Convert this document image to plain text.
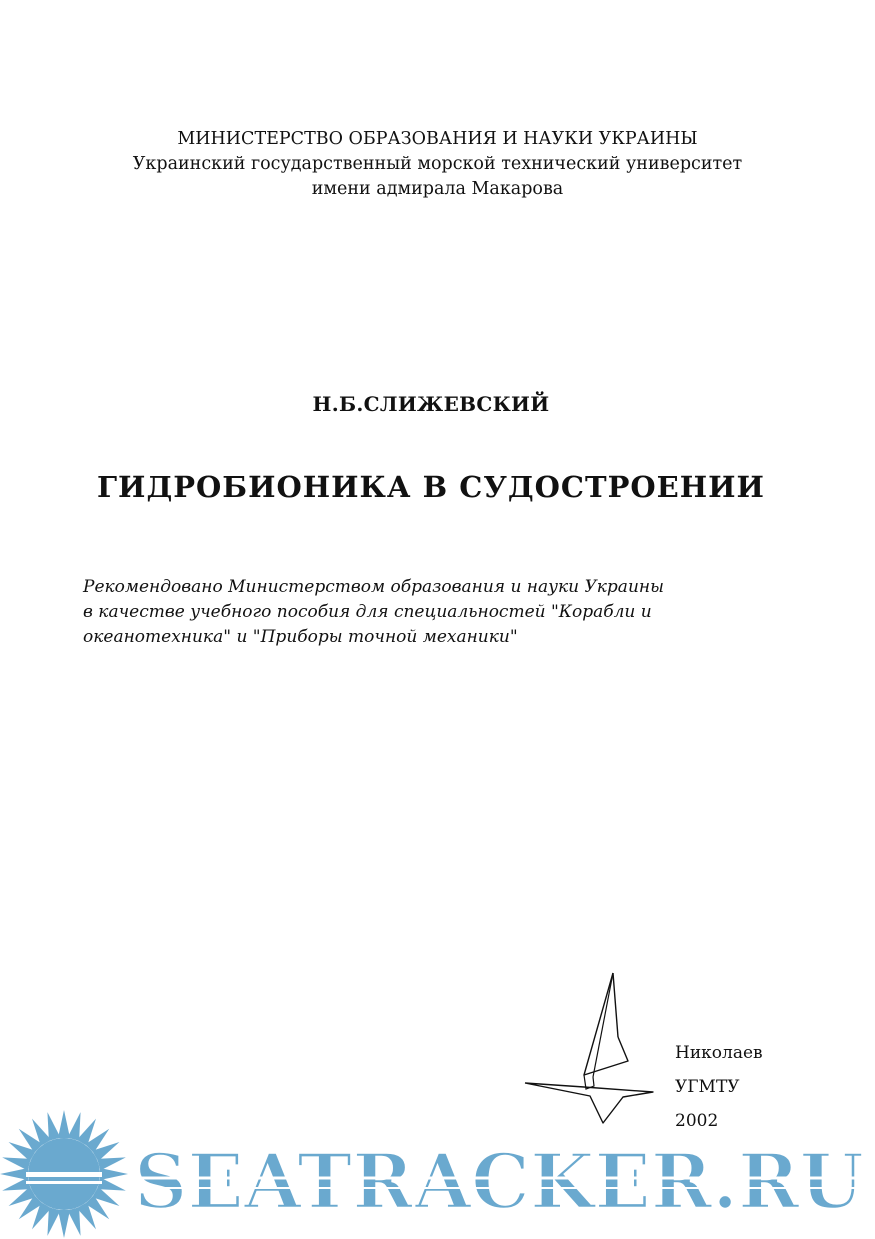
МИНИСТЕРСТВО ОБРАЗОВАНИЯ И НАУКИ УКРАИНЫ
Украинский государственный морской технический университет
имени адмирала Макарова
Н.Б.СЛИЖЕВСКИЙ
ГИДРОБИОНИКА В СУДОСТРОЕНИИ
Рекомендовано Министерством образования и науки Украины
в качестве учебного пособия для специальностей "Корабли и
океанотехника" и "Приборы точной механики"
Николаев
УГМТУ
2002
SEATRACKER.RU
